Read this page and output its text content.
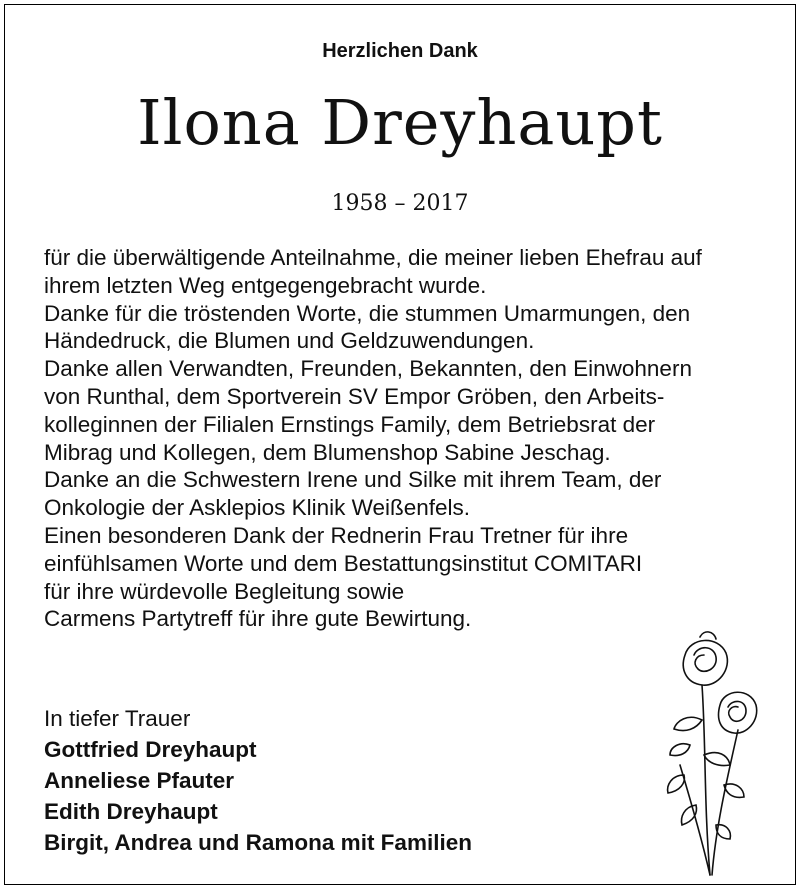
Herzlichen Dank
Ilona Dreyhaupt
1958 – 2017
für die überwältigende Anteilnahme, die meiner lieben Ehefrau auf
ihrem letzten Weg entgegengebracht wurde.
Danke für die tröstenden Worte, die stummen Umarmungen, den
Händedruck, die Blumen und Geldzuwendungen.
Danke allen Verwandten, Freunden, Bekannten, den Einwohnern
von Runthal, dem Sportverein SV Empor Gröben, den Arbeits-
kolleginnen der Filialen Ernstings Family, dem Betriebsrat der
Mibrag und Kollegen, dem Blumenshop Sabine Jeschag.
Danke an die Schwestern Irene und Silke mit ihrem Team, der
Onkologie der Asklepios Klinik Weißenfels.
Einen besonderen Dank der Rednerin Frau Tretner für ihre
einfühlsamen Worte und dem Bestattungsinstitut COMITARI
für ihre würdevolle Begleitung sowie
Carmens Partytreff für ihre gute Bewirtung.
In tiefer Trauer
Gottfried Dreyhaupt
Anneliese Pfauter
Edith Dreyhaupt
Birgit, Andrea und Ramona mit Familien
